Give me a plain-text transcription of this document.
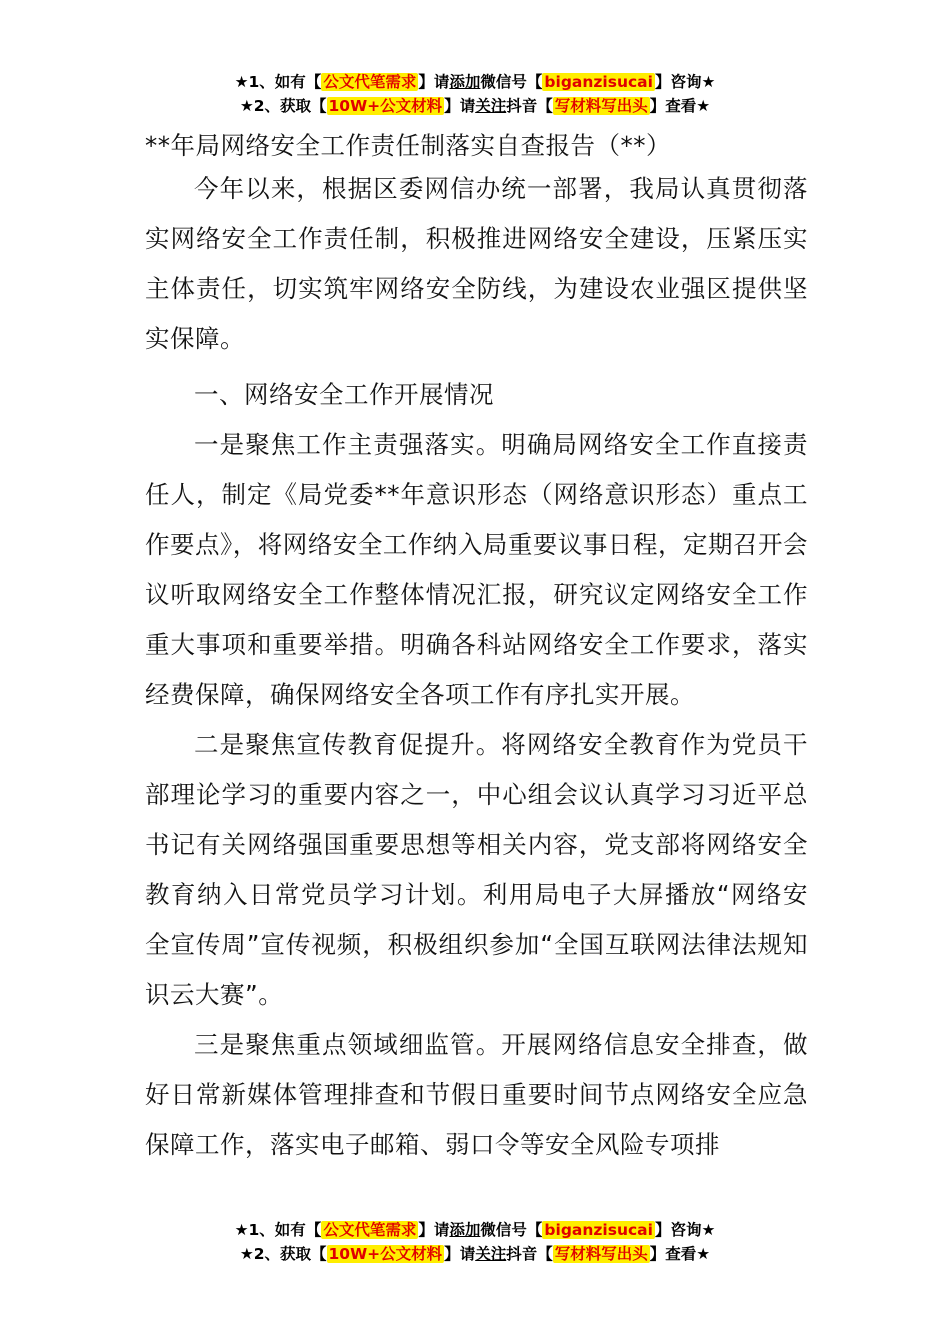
★1、如有【 公文代笔需求 】请添加微信号【 biganzisucai 】咨询★
★2、获取【 10W+公文材料 】请关注抖音【 写材料写出头 】查看★
**年局网络安全工作责任制落实自查报告（**）

今年以来，根据区委网信办统一部署，我局认真贯彻落实网络安全工作责任制，积极推进网络安全建设，压紧压实主体责任，切实筑牢网络安全防线，为建设农业强区提供坚实保障。

一、网络安全工作开展情况

一是聚焦工作主责强落实。明确局网络安全工作直接责任人，制定《局党委**年意识形态（网络意识形态）重点工作要点》，将网络安全工作纳入局重要议事日程，定期召开会议听取网络安全工作整体情况汇报，研究议定网络安全工作重大事项和重要举措。明确各科站网络安全工作要求，落实经费保障，确保网络安全各项工作有序扎实开展。

二是聚焦宣传教育促提升。将网络安全教育作为党员干部理论学习的重要内容之一，中心组会议认真学习习近平总书记有关网络强国重要思想等相关内容，党支部将网络安全教育纳入日常党员学习计划。利用局电子大屏播放“网络安全宣传周”宣传视频，积极组织参加“全国互联网法律法规知识云大赛”。

三是聚焦重点领域细监管。开展网络信息安全排查，做好日常新媒体管理排查和节假日重要时间节点网络安全应急保障工作，落实电子邮箱、弱口令等安全风险专项排

★1、如有【 公文代笔需求 】请添加微信号【 biganzisucai 】咨询★
★2、获取【 10W+公文材料 】请关注抖音【 写材料写出头 】查看★
